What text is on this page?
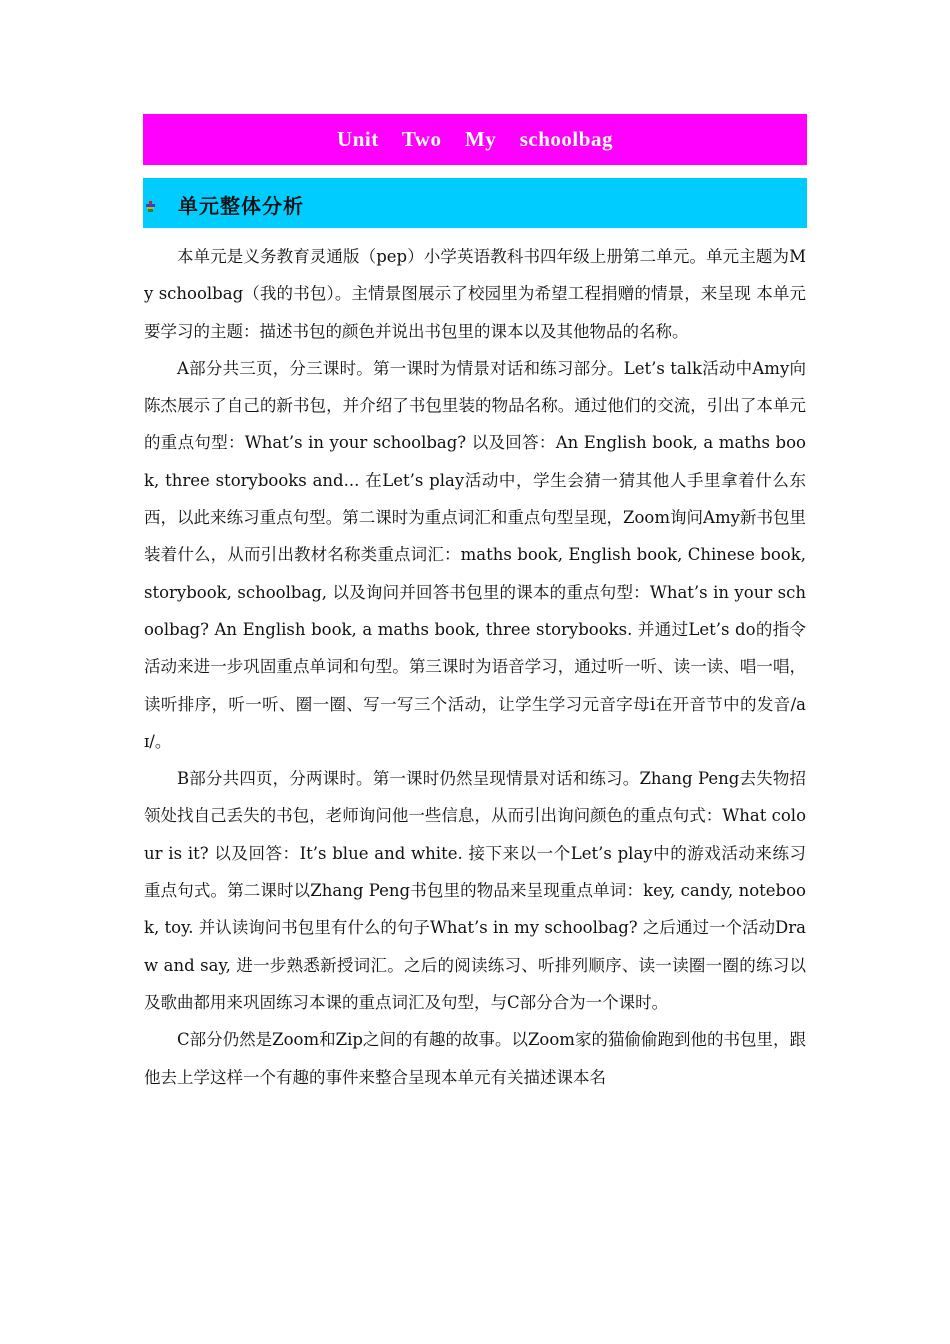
Unit  Two  My  schoolbag
单元整体分析

本单元是义务教育灵通版（pep）小学英语教科书四年级上册第二单元。单元主题为My schoolbag（我的书包）。主情景图展示了校园里为希望工程捐赠的情景，来呈现 本单元要学习的主题：描述书包的颜色并说出书包里的课本以及其他物品的名称。

A部分共三页，分三课时。第一课时为情景对话和练习部分。Let’s talk活动中Amy向陈杰展示了自己的新书包，并介绍了书包里装的物品名称。通过他们的交流，引出了本单元的重点句型：What’s in your schoolbag? 以及回答：An English book, a maths book, three storybooks and... 在Let’s play活动中，学生会猜一猜其他人手里拿着什么东西，以此来练习重点句型。第二课时为重点词汇和重点句型呈现，Zoom询问Amy新书包里装着什么，从而引出教材名称类重点词汇：maths book, English book, Chinese book, storybook, schoolbag, 以及询问并回答书包里的课本的重点句型：What’s in your schoolbag? An English book, a maths book, three storybooks. 并通过Let’s do的指令活动来进一步巩固重点单词和句型。第三课时为语音学习，通过听一听、读一读、唱一唱，读听排序，听一听、圈一圈、写一写三个活动，让学生学习元音字母i在开音节中的发音/aɪ/。

B部分共四页，分两课时。第一课时仍然呈现情景对话和练习。Zhang Peng去失物招领处找自己丢失的书包，老师询问他一些信息，从而引出询问颜色的重点句式：What colour is it? 以及回答：It’s blue and white. 接下来以一个Let’s play中的游戏活动来练习重点句式。第二课时以Zhang Peng书包里的物品来呈现重点单词：key, candy, notebook, toy. 并认读询问书包里有什么的句子What’s in my schoolbag? 之后通过一个活动Draw and say, 进一步熟悉新授词汇。之后的阅读练习、听排列顺序、读一读圈一圈的练习以及歌曲都用来巩固练习本课的重点词汇及句型，与C部分合为一个课时。

C部分仍然是Zoom和Zip之间的有趣的故事。以Zoom家的猫偷偷跑到他的书包里，跟他去上学这样一个有趣的事件来整合呈现本单元有关描述课本名
